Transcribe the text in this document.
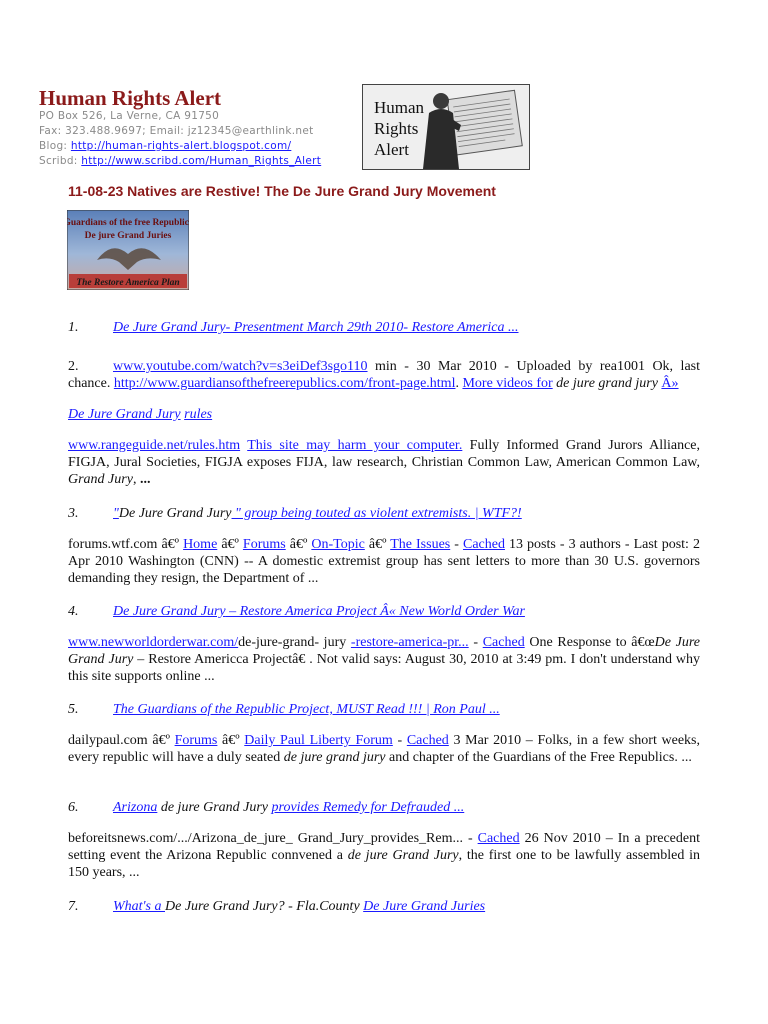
Human Rights Alert
PO Box 526, La Verne, CA 91750
Fax: 323.488.9697; Email: jz12345@earthlink.net
Blog: http://human-rights-alert.blogspot.com/
Scribd: http://www.scribd.com/Human_Rights_Alert
Human
Rights
Alert
11-08-23 Natives are Restive! The De Jure Grand Jury Movement
Guardians of the free Republics
De jure Grand Juries
The Restore America Plan
1. De Jure Grand Jury- Presentment March 29th 2010- Restore America ...
2. www.youtube.com/watch?v=s3eiDef3sgo110 min - 30 Mar 2010 - Uploaded by rea1001 Ok, last chance. http://www.guardiansofthefreerepublics.com/front-page.html. More videos for de jure grand jury Â»
De Jure Grand Jury rules
www.rangeguide.net/rules.htm This site may harm your computer. Fully Informed Grand Jurors Alliance, FIGJA, Jural Societies, FIGJA exposes FIJA, law research, Christian Common Law, American Common Law, Grand Jury, ...
3. "De Jure Grand Jury " group being touted as violent extremists. | WTF?!
forums.wtf.com â€º Home â€º Forums â€º On-Topic â€º The Issues - Cached 13 posts - 3 authors - Last post: 2 Apr 2010 Washington (CNN) -- A domestic extremist group has sent letters to more than 30 U.S. governors demanding they resign, the Department of ...
4. De Jure Grand Jury – Restore America Project Â« New World Order War
www.newworldorderwar.com/de-jure-grand- jury -restore-america-pr... - Cached One Response to â€œDe Jure Grand Jury – Restore Americca Projectâ€ . Not valid says: August 30, 2010 at 3:49 pm. I don't understand why this site supports online ...
5. The Guardians of the Republic Project, MUST Read !!! | Ron Paul ...
dailypaul.com â€º Forums â€º Daily Paul Liberty Forum - Cached 3 Mar 2010 – Folks, in a few short weeks, every republic will have a duly seated de jure grand jury and chapter of the Guardians of the Free Republics. ...
6. Arizona de jure Grand Jury provides Remedy for Defrauded ...
beforeitsnews.com/.../Arizona_de_jure_ Grand_Jury_provides_Rem... - Cached 26 Nov 2010 – In a precedent setting event the Arizona Republic connvened a de jure Grand Jury, the first one to be lawfully assembled in 150 years, ...
7. What's a De Jure Grand Jury? - Fla.County De Jure Grand Juries
